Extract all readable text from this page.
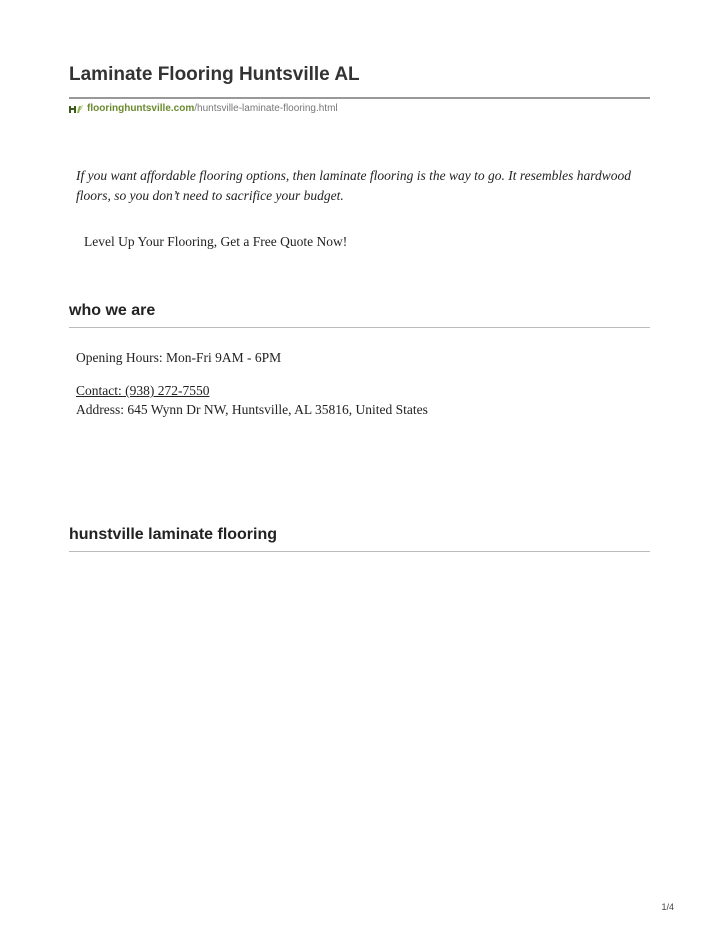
Laminate Flooring Huntsville AL
flooringhuntsville.com /huntsville-laminate-flooring.html
If you want affordable flooring options, then laminate flooring is the way to go. It resembles hardwood floors, so you don’t need to sacrifice your budget.
Level Up Your Flooring, Get a Free Quote Now!
who we are
Opening Hours: Mon-Fri 9AM - 6PM
Contact: (938) 272-7550
Address: 645 Wynn Dr NW, Huntsville, AL 35816, United States
hunstville laminate flooring
1/4
